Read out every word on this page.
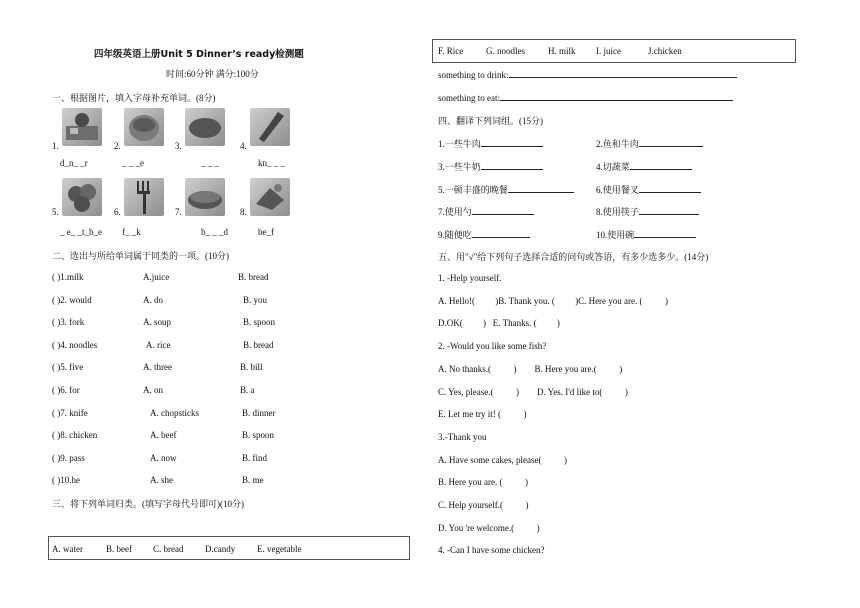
四年级英语上册Unit 5 Dinner’s ready检测题
时间:60分钟 满分:100分
一、根据图片，填入字母补充单词。(8分)
1.
d_n_ _r
2.
_ _ _e
3.
_ _ _
4.
kn_ _ _
5.
_ e_ _t_b_e
6.
f_ _k
7.
b_ _ _d
8.
be_f
二、选出与所给单词属于同类的一项。(10分)
( )1.milk	A.juice	B. bread
( )2. would	A. do	B. you
( )3. fork	A. soup	B. spoon
( )4. noodles	A. rice	B. bread
( )5. five	A. three	B. bill
( )6. for	A. on	B. a
( )7. knife	A. chopsticks	B. dinner
( )8. chicken	A. beef	B. spoon
( )9. pass	A. now	B. find
( )10.he	A. she	B. me
三、将下列单词归类。(填写字母代号即可)(10分)
A. water	B. beef C. bread D.candy E. vegetable
F. Rice	G. noodles	H. milk I. juice	J.chicken
something to drink:
something to eat:
四、翻译下列词组。(15分)
1.一些牛肉	2.鱼和牛肉
3.一些牛奶	4.切蔬菜
5.一顿丰盛的晚餐	6.使用餐叉
7.使用勺	8.使用筷子
9.随便吃	10.使用碗
五、用"√"给下列句子选择合适的问句或答语，有多少选多少。(14分)
1. -Help yourself.
A. Hello!(         )B. Thank you. (         )C. Here you are. (          )
D.OK(         )   E. Thanks. (         )
2. -Would you like some fish?
A. No thanks.(          )        B. Here you are.(          )
C. Yes, please.(          )        D. Yes. I'd like to(          )
E. Let me try it! (          )
3.-Thank you
A. Have some cakes, please(          )
B. Here you are. (          )
C. Help yourself.(          )
D. You 're welcome.(          )
4. -Can I have some chicken?
